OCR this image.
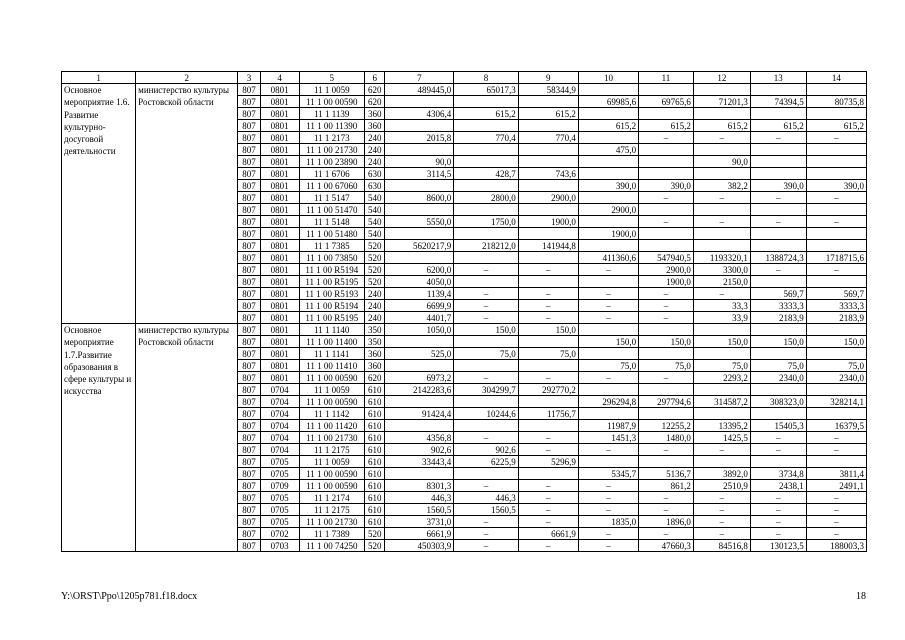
1	2	3	4	5	6	7	8	9	10	11	12	13	14
Основное мероприятие 1.6. Развитие культурно-досуговой деятельности	министерство культуры Ростовской области	807	0801	11 1 0059	620	489445,0	65017,3	58344,9					
		807	0801	11 1 00 00590	620				69985,6	69765,6	71201,3	74394,5	80735,8
		807	0801	11 1 1139	360	4306,4	615,2	615,2					
		807	0801	11 1 00 11390	360				615,2	615,2	615,2	615,2	615,2
		807	0801	11 1 2173	240	2015,8	770,4	770,4		–	–	–	–
		807	0801	11 1 00 21730	240				475,0				
		807	0801	11 1 00 23890	240	90,0					90,0		
		807	0801	11 1 6706	630	3114,5	428,7	743,6					
		807	0801	11 1 00 67060	630				390,0	390,0	382,2	390,0	390,0
		807	0801	11 1 5147	540	8600,0	2800,0	2900,0		–	–	–	–
		807	0801	11 1 00 51470	540				2900,0				
		807	0801	11 1 5148	540	5550,0	1750,0	1900,0		–	–	–	–
		807	0801	11 1 00 51480	540				1900,0				
		807	0801	11 1 7385	520	5620217,9	218212,0	141944,8					
		807	0801	11 1 00 73850	520				411360,6	547940,5	1193320,1	1388724,3	1718715,6
		807	0801	11 1 00 R5194	520	6200,0	–	–	–	2900,0	3300,0	–	–
		807	0801	11 1 00 R5195	520	4050,0				1900,0	2150,0		
		807	0801	11 1 00 R5193	240	1139,4	–	–	–	–	–	569,7	569,7
		807	0801	11 1 00 R5194	240	6699,9	–	–	–	–	33,3	3333,3	3333,3
		807	0801	11 1 00 R5195	240	4401,7	–	–	–	–	33,9	2183,9	2183,9
Основное мероприятие 1.7.Развитие образования в сфере культуры и искусства	министерство культуры Ростовской области	807	0801	11 1 1140	350	1050,0	150,0	150,0					
		807	0801	11 1 00 11400	350				150,0	150,0	150,0	150,0	150,0
		807	0801	11 1 1141	360	525,0	75,0	75,0					
		807	0801	11 1 00 11410	360				75,0	75,0	75,0	75,0	75,0
		807	0801	11 1 00 00590	620	6973,2	–	–	–	–	2293,2	2340,0	2340,0
		807	0704	11 1 0059	610	2142283,6	304299,7	292770,2					
		807	0704	11 1 00 00590	610				296294,8	297794,6	314587,2	308323,0	328214,1
		807	0704	11 1 1142	610	91424,4	10244,6	11756,7					
		807	0704	11 1 00 11420	610				11987,9	12255,2	13395,2	15405,3	16379,5
		807	0704	11 1 00 21730	610	4356,8	–	–	1451,3	1480,0	1425,5	–	–
		807	0704	11 1 2175	610	902,6	902,6	–	–	–	–	–	–
		807	0705	11 1 0059	610	33443,4	6225,9	5296,9					
		807	0705	11 1 00 00590	610				5345,7	5136,7	3892,0	3734,8	3811,4
		807	0709	11 1 00 00590	610	8301,3	–	–	–	861,2	2510,9	2438,1	2491,1
		807	0705	11 1 2174	610	446,3	446,3	–	–	–	–	–	–
		807	0705	11 1 2175	610	1560,5	1560,5	–	–	–	–	–	–
		807	0705	11 1 00 21730	610	3731,0	–	–	1835,0	1896,0	–	–	–
		807	0702	11 1 7389	520	6661,9	–	6661,9	–	–	–	–	–
		807	0703	11 1 00 74250	520	450303,9	–	–	–	47660,3	84516,8	130123,5	188003,3
Y:\ORST\Ppo\1205p781.f18.docx	18
